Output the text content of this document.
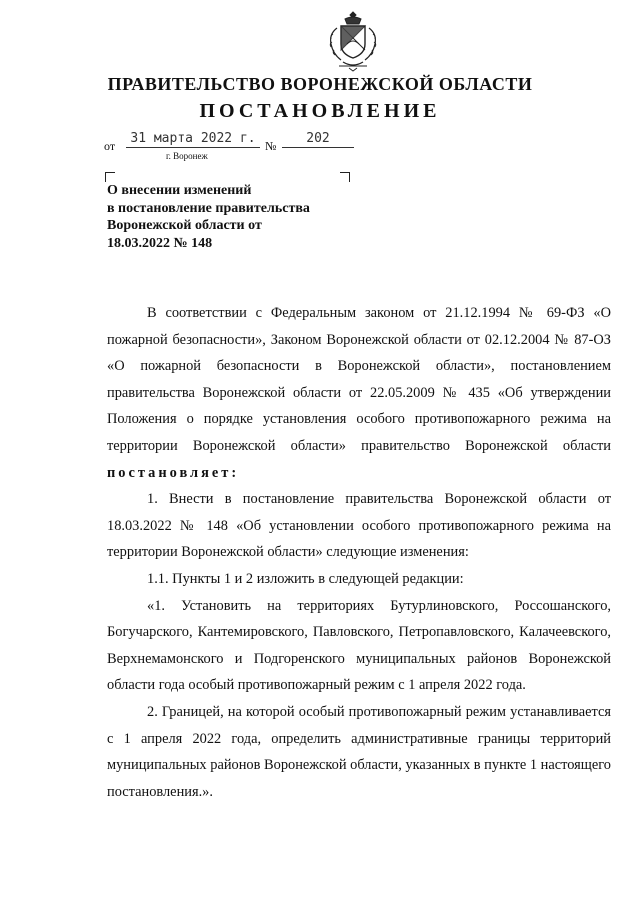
ПРАВИТЕЛЬСТВО ВОРОНЕЖСКОЙ ОБЛАСТИ
ПОСТАНОВЛЕНИЕ
от	31 марта 2022 г. №	202
г. Воронеж
О внесении изменений
в постановление правительства
Воронежской области от
18.03.2022 № 148

В соответствии с Федеральным законом от 21.12.1994 № 69-ФЗ «О пожарной безопасности», Законом Воронежской области от 02.12.2004 № 87-ОЗ «О пожарной безопасности в Воронежской области», постановлением правительства Воронежской области от 22.05.2009 № 435 «Об утверждении Положения о порядке установления особого противопожарного режима на территории Воронежской области» правительство Воронежской области постановляет:

1. Внести в постановление правительства Воронежской области от 18.03.2022 № 148 «Об установлении особого противопожарного режима на территории Воронежской области» следующие изменения:

1.1. Пункты 1 и 2 изложить в следующей редакции:

«1. Установить на территориях Бутурлиновского, Россошанского, Богучарского, Кантемировского, Павловского, Петропавловского, Калачеевского, Верхнемамонского и Подгоренского муниципальных районов Воронежской области года особый противопожарный режим с 1 апреля 2022 года.

2. Границей, на которой особый противопожарный режим устанавливается с 1 апреля 2022 года, определить административные границы территорий муниципальных районов Воронежской области, указанных в пункте 1 настоящего постановления.».
